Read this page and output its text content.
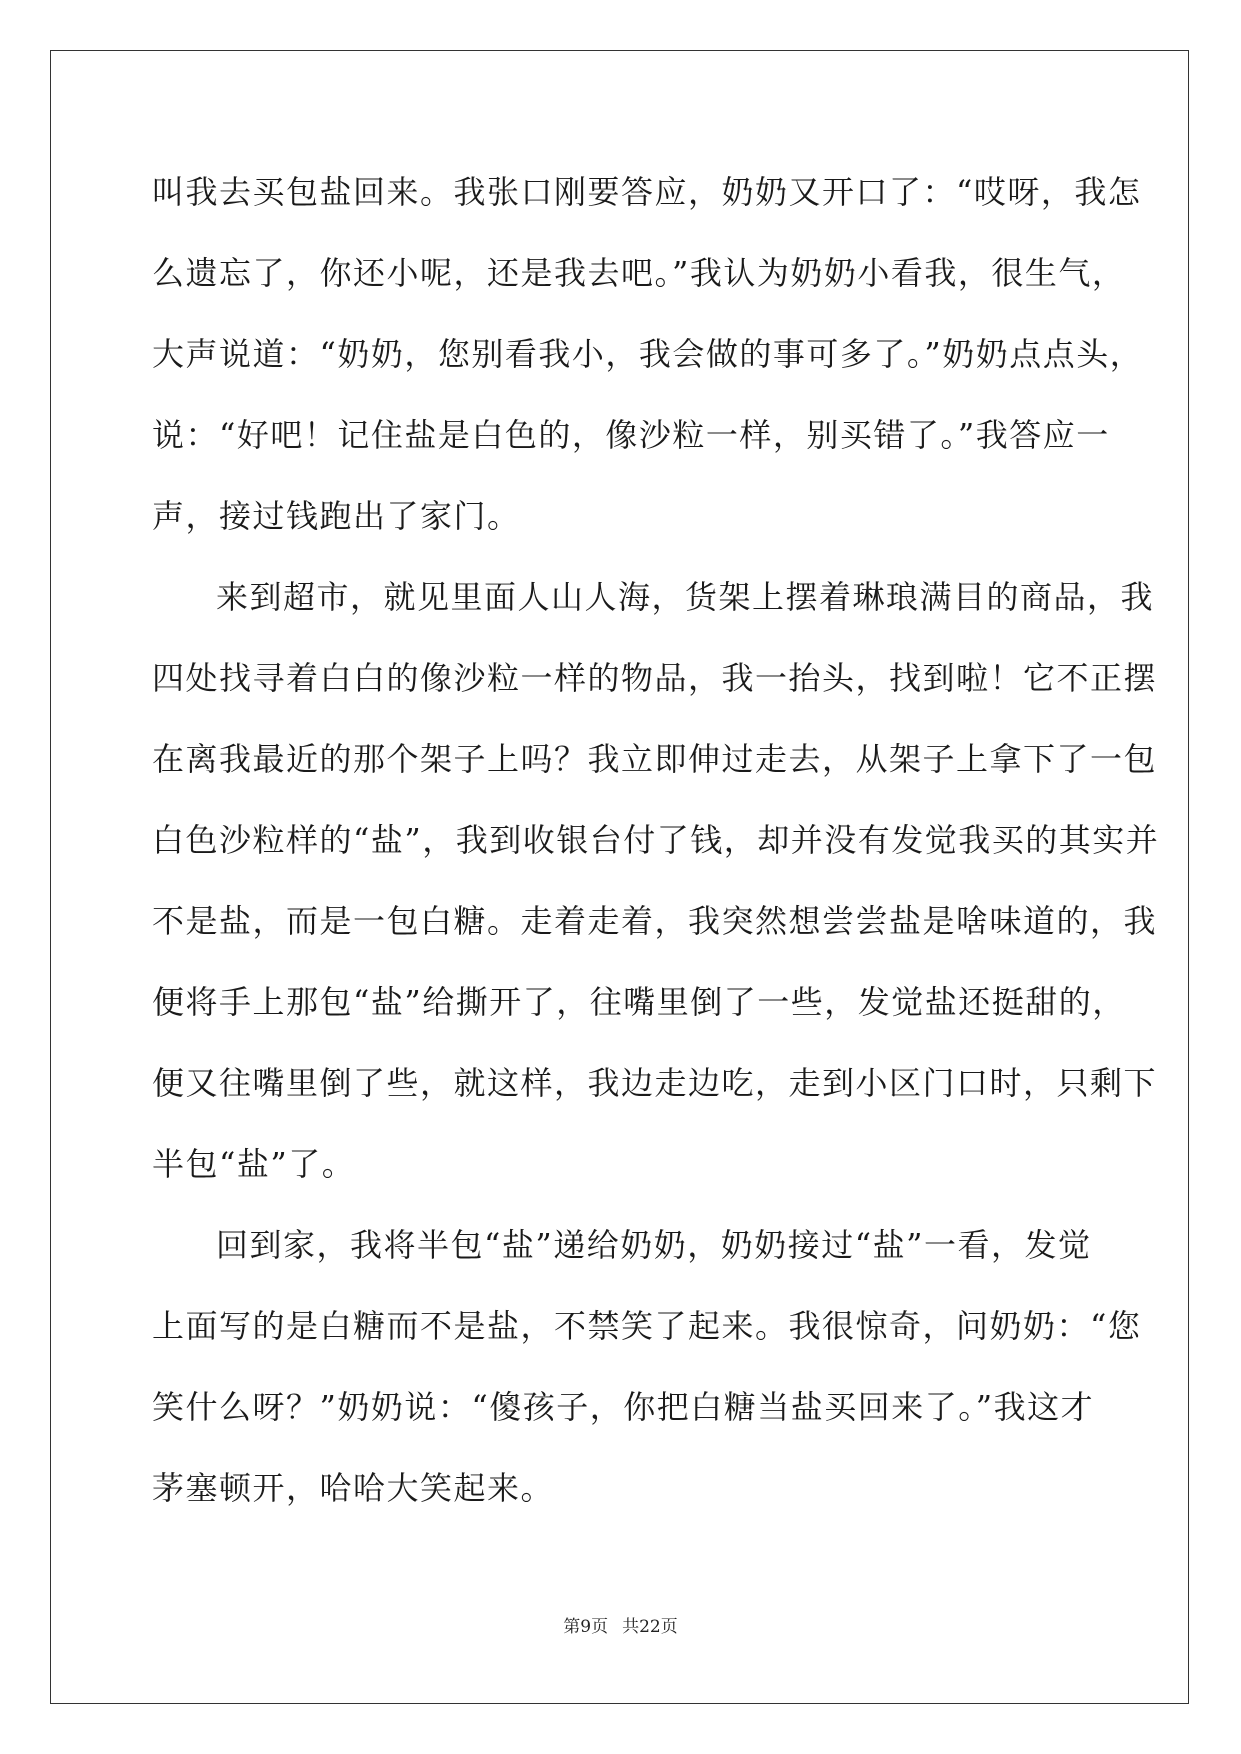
叫我去买包盐回来。我张口刚要答应，奶奶又开口了：“哎呀，我怎
么遗忘了，你还小呢，还是我去吧。”我认为奶奶小看我，很生气，
大声说道：“奶奶，您别看我小，我会做的事可多了。”奶奶点点头，
说：“好吧！记住盐是白色的，像沙粒一样，别买错了。”我答应一
声，接过钱跑出了家门。
来到超市，就见里面人山人海，货架上摆着琳琅满目的商品，我
四处找寻着白白的像沙粒一样的物品，我一抬头，找到啦！它不正摆
在离我最近的那个架子上吗？我立即伸过走去，从架子上拿下了一包
白色沙粒样的“盐”，我到收银台付了钱，却并没有发觉我买的其实并
不是盐，而是一包白糖。走着走着，我突然想尝尝盐是啥味道的，我
便将手上那包“盐”给撕开了，往嘴里倒了一些，发觉盐还挺甜的，
便又往嘴里倒了些，就这样，我边走边吃，走到小区门口时，只剩下
半包“盐”了。
回到家，我将半包“盐”递给奶奶，奶奶接过“盐”一看，发觉
上面写的是白糖而不是盐，不禁笑了起来。我很惊奇，问奶奶：“您
笑什么呀？”奶奶说：“傻孩子，你把白糖当盐买回来了。”我这才
茅塞顿开，哈哈大笑起来。
第9页 共22页
